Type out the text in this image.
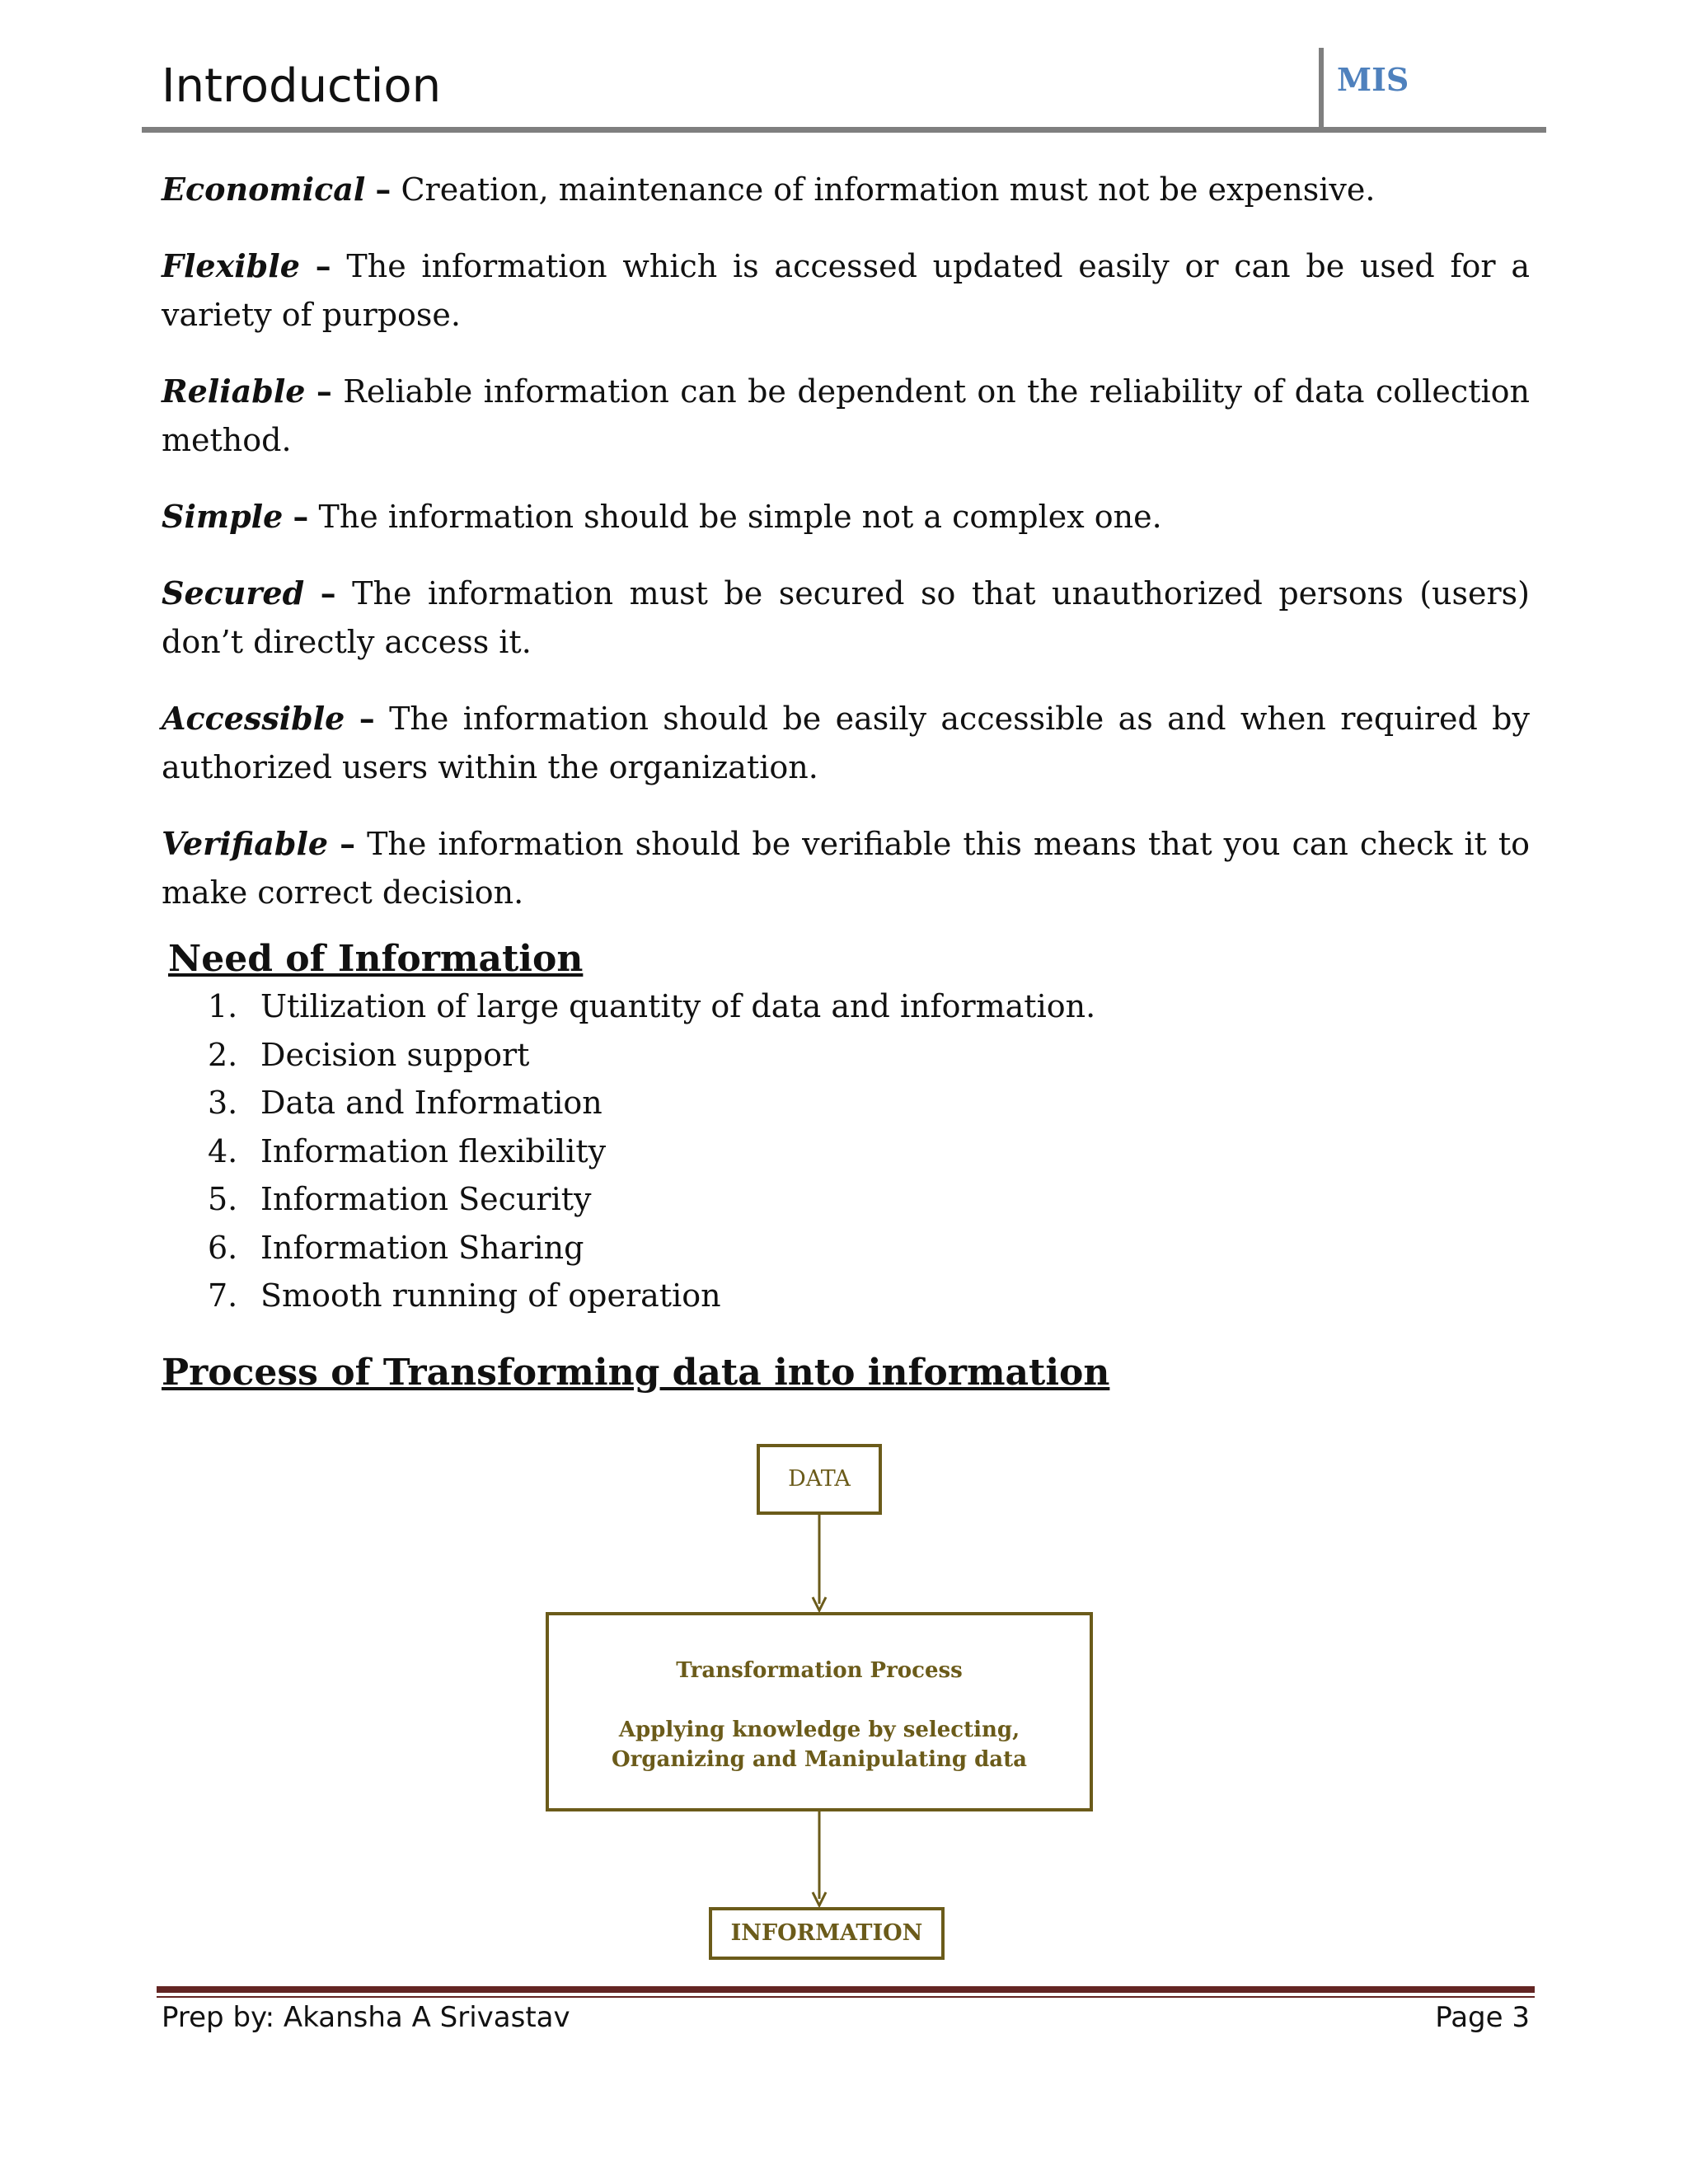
Introduction	MIS

Economical – Creation, maintenance of information must not be expensive.

Flexible – The information which is accessed updated easily or can be used for a variety of purpose.

Reliable – Reliable information can be dependent on the reliability of data collection method.

Simple – The information should be simple not a complex one.

Secured – The information must be secured so that unauthorized persons (users) don’t directly access it.

Accessible – The information should be easily accessible as and when required by authorized users within the organization.

Verifiable – The information should be verifiable this means that you can check it to make correct decision.

Need of Information
1. Utilization of large quantity of data and information.
2. Decision support
3. Data and Information
4. Information flexibility
5. Information Security
6. Information Sharing
7. Smooth running of operation
Process of Transforming data into information
DATA
Transformation Process
Applying knowledge by selecting,
Organizing and Manipulating data
INFORMATION
Prep by: Akansha A Srivastav	Page 3
